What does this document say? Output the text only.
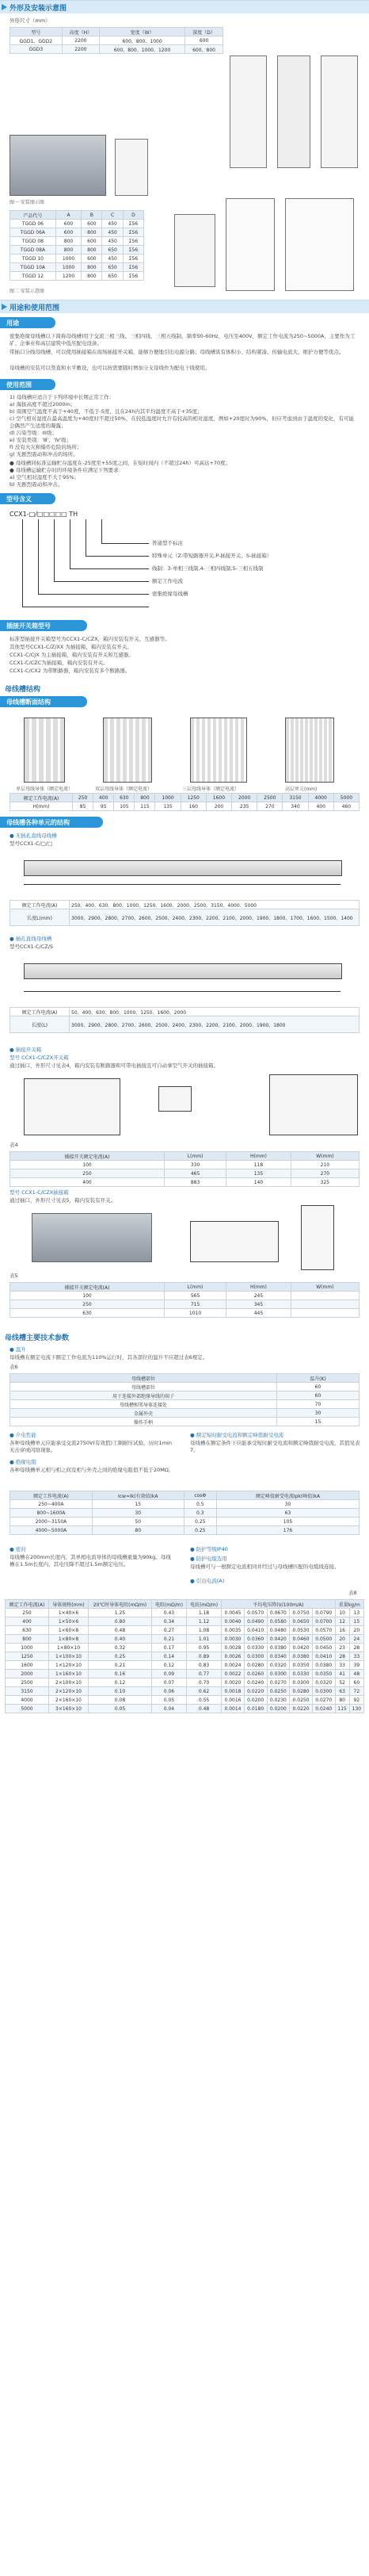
外形及安装示意图
外形尺寸（mm）
型号	高度（H）	宽度（W）	深度（D）
GGD1、GGD2	2200	600、800、1000	600
GGD3	2200	600、800、1000、1200	600、800
图一 安装图示图
产品代号	A	B	C	D
TGGD 06	600	600	450	Σ56
TGGD 06A	600	800	450	Σ56
TGGD 08	800	600	450	Σ56
TGGD 08A	800	800	650	Σ56
TGGD 10	1000	600	450	Σ56
TGGD 10A	1000	800	650	Σ56
TGGD 12	1200	800	650	Σ56
图二 安装示意图
用途和使用范围
用途
密集绝缘母线槽以下简称母线槽)用于交流三相三线、三相四线、三相五线制，频率50-60Hz，电压至400V，额定工作电流为250~5000A，主要作为工矿、企事业和高层建筑中低压配电设备。
带插口分线母线槽，可以使用插接箱在现场插接开关箱，能够方便地引出电源分路；母线槽具有体积小、结构紧凑、传输电流大、维护方便等优点。
母线槽的安装可以竖直和水平敷设，也可以按需要随时增加分支母线作为配电干线使用。
使用范围
1) 母线槽应适合于下列环境中长期正常工作：
a) 海拔高度不超过2000m；
b) 周围空气温度不高于+40度，不低于-5度，且在24h内其平均温度不高于+35度；
c) 空气相对湿度在最高温度为+40度时不超过50%，在较低温度时允许有较高的相对湿度，例如+20度时为90%，但应考虑到由于温度的变化，有可能会偶然产生适度的凝露；
d) 污染等级：III级；
e) 安装类别：'Ⅲ'、'Ⅳ'级；
f) 没有火灾和爆炸危险的场所；
g) 无剧烈震动和冲击的场所。
● 母线槽同标准运输贮存温度在-25度至+55度之间，在短时间内（不超过24h）可高达+70度；
● 母线槽运输贮存时的环境条件应满足下列要求：
a) 空气相对湿度不大于95%；
b) 无剧烈震动和冲击。
型号含义
CCX1-□/□□□□□ TH
普通型不标注
特殊单元（Z-带短路器开关,P-插接开关、S-插接箱）
线制：3-单相三线制,4-三相四线制,5-三相五线制
额定工作电流
密集绝缘母线槽
插接开关箱型号
标准型插接开关箱型号为CCX1-C/CZX，箱内安装有开关、互感器等。
其他型号CCX1-C/Z/XX 为插接箱，箱内安装有开关。
CCX1-C/CJX 为主插接箱，箱内安装有开关和互感器。
CCX1-C/CZC为插接箱，箱内安装有开关。
CCX1-C/CX2 为带断路器，箱内安装有多个断路器。
母线槽结构
母线槽断面结构
单层母线导体（额定电流）	双层母线导体（额定电流）	三层母线导体（额定电流）	高层单元(mm)
额定工作电流(A)	250	400	630	800	1000	1250	1600	2000	2500	3150	4000	5000
H(mm)	85	95	105	115	135	160	200	235	270	340	400	460
母线槽各种单元的结构
● 无插孔直线母线槽
型号CCX1-C/□/□
额定工作电流(A)	250、400、630、800、1000、1250、1600、2000、2500、3150、4000、5000
长度L(mm)	3000、2900、2800、2700、2600、2500、2400、2300、2200、2100、2000、1900、1800、1700、1600、1500、1400
● 插孔直线母线槽
型号CCX1-C/CZ/S
额定工作电流(A)	50、400、630、800、1000、1250、1600、2000
长度(L)	3000、2900、2800、2700、2600、2500、2400、2300、2200、2100、2000、1900、1800
● 插接开关箱
型号 CCX1-C/CZX开关箱
通过插口，外形尺寸见表4，箱内安装有断路器和可带电插接且可自动拿空气开关的插接箱。
表4
插接开关额定电流(A)	L(mm)	H(mm)	W(mm)
100	330	118	210
250	465	135	270
400	883	140	325
型号 CCX1-C/CZX插接箱
通过插口，外形尺寸见表5，箱内安装有开关。
表5
插接开关额定电流(A)	L(mm)	H(mm)	W(mm)
100	565	245	
250	715	345	
630	1010	445	
母线槽主要技术参数
● 温升
母线槽在额定电流下额定工作电流为110%运行时，其各部位的温升不应超过表6规定。
表6
母线槽部位	温升(K)
母线槽部位	60
用于连接外部绝缘导线的端子	60
母线槽相邻导体连接处	70
金属外壳	30
操作手柄	15
● 介电性能
各种母线槽单元应能承受交流2750V(有效值)工频耐压试验，历时1min无击穿或闪络现象。
● 绝缘电阻
各种母线槽单元相与相之间及相与外壳之间的绝缘电阻值不低于20MΩ。
● 额定短时耐受电流和额定峰值耐受电流
母线槽在额定条件下应能承受短时耐受电流和额定峰值耐受电流，其值见表7。
额定工作电流(A)	Icw=Ik(有效值)kA	cosΦ	额定峰值耐受电流Ipk(峰值)kA
250~400A	15	0.5	30
800~1600A	30	0.3	63
2000~3150A	50	0.25	105
4000~5000A	80	0.25	176
● 密封
母线槽在200mm长度内，其单相电流导体的母线槽重量为90kg。母线槽在1.5m长度内，其电压降不超过1.5m额定电压。
● 防护等级IP40
● 防护电缆选用
母线槽可与一根额定电流相同并经过与母线槽匹配的电缆线连接。
● 引出电流(A)
表8
额定工作电流(A)	导体规格(mm)	20℃时导体电阻(mΩ/m)	电阻(mΩ/m)	电抗(mΩ/m)	平均电压降(V/100m/A)					重量kg/m	
250	1×40×6	1.25	0.43	1.18	0.0045	0.0570	0.0670	0.0750	0.0790	10	13
400	1×50×6	0.80	0.34	1.12	0.0040	0.0490	0.0580	0.0650	0.0700	12	15
630	1×60×8	0.48	0.27	1.08	0.0035	0.0410	0.0480	0.0530	0.0570	16	20
800	1×80×8	0.40	0.21	1.01	0.0030	0.0360	0.0420	0.0460	0.0500	20	24
1000	1×80×10	0.32	0.17	0.95	0.0028	0.0330	0.0380	0.0420	0.0450	23	28
1250	1×100×10	0.25	0.14	0.89	0.0026	0.0300	0.0340	0.0380	0.0410	28	33
1600	1×120×10	0.21	0.12	0.83	0.0024	0.0280	0.0320	0.0350	0.0380	33	39
2000	1×160×10	0.16	0.09	0.77	0.0022	0.0260	0.0300	0.0330	0.0350	41	48
2500	2×100×10	0.12	0.07	0.70	0.0020	0.0240	0.0270	0.0300	0.0320	52	60
3150	2×120×10	0.10	0.06	0.62	0.0018	0.0220	0.0250	0.0280	0.0300	63	72
4000	2×160×10	0.08	0.05	0.55	0.0016	0.0200	0.0230	0.0250	0.0270	80	92
5000	3×160×10	0.05	0.04	0.48	0.0014	0.0180	0.0200	0.0220	0.0240	115	130
